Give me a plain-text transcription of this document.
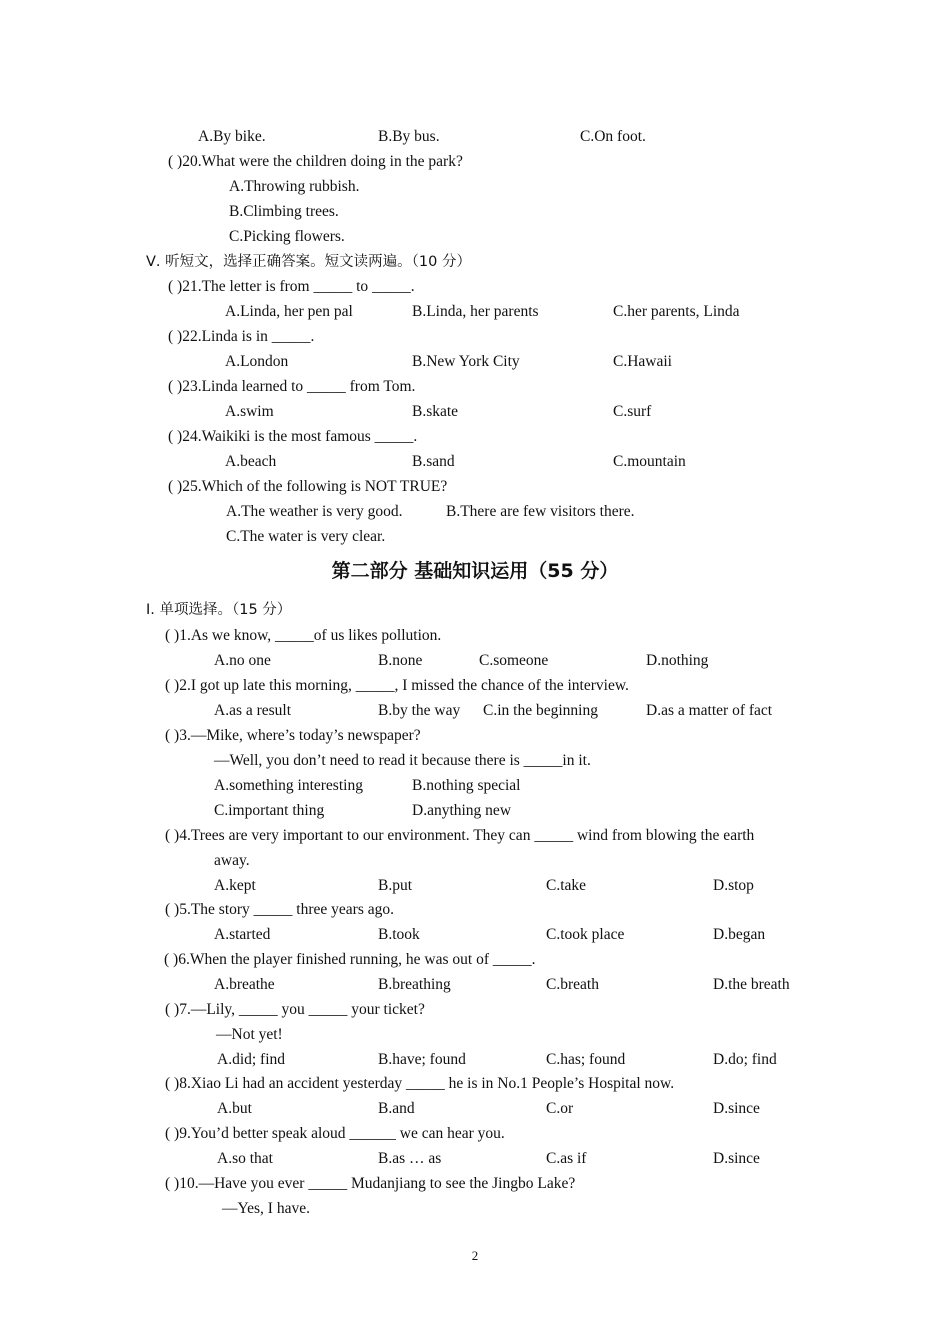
A.By bike.	B.By bus.	C.On foot.
( )20.What were the children doing in the park?
A.Throwing rubbish.
B.Climbing trees.
C.Picking flowers.
Ⅴ. 听短文，选择正确答案。短文读两遍。（10 分）
( )21.The letter is from _____ to _____.
A.Linda, her pen pal	B.Linda, her parents	C.her parents, Linda
( )22.Linda is in _____.
A.London	B.New York City	C.Hawaii
( )23.Linda learned to _____ from Tom.
A.swim	B.skate	C.surf
( )24.Waikiki is the most famous _____.
A.beach	B.sand	C.mountain
( )25.Which of the following is NOT TRUE?
A.The weather is very good.	B.There are few visitors there.
C.The water is very clear.
第二部分 基础知识运用（55 分）
Ⅰ. 单项选择。（15 分）
( )1.As we know, _____of us likes pollution.
A.no one	B.none	C.someone	D.nothing
( )2.I got up late this morning, _____, I missed the chance of the interview.
A.as a result	B.by the way C.in the beginning	D.as a matter of fact
( )3.—Mike, where’s today’s newspaper?
—Well, you don’t need to read it because there is _____in it.
A.something interesting	B.nothing special
C.important thing	D.anything new
( )4.Trees are very important to our environment. They can _____ wind from blowing the earth
away.
A.kept	B.put	C.take	D.stop
( )5.The story _____ three years ago.
A.started	B.took	C.took place	D.began
( )6.When the player finished running, he was out of _____.
A.breathe	B.breathing	C.breath	D.the breath
( )7.—Lily, _____ you _____ your ticket?
—Not yet!
A.did; find	B.have; found	C.has; found	D.do; find
( )8.Xiao Li had an accident yesterday _____ he is in No.1 People’s Hospital now.
A.but	B.and	C.or	D.since
( )9.You’d better speak aloud ______ we can hear you.
A.so that	B.as … as	C.as if	D.since
( )10.—Have you ever _____ Mudanjiang to see the Jingbo Lake?
—Yes, I have.
2
